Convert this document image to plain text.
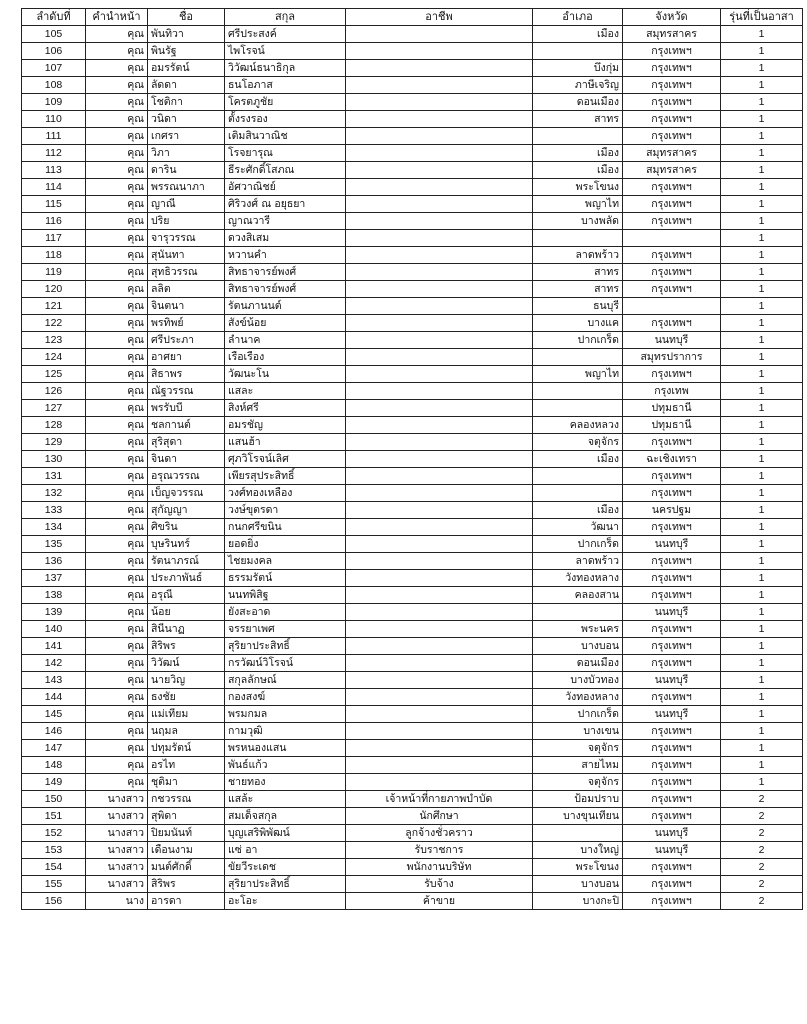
ลำดับที่	คำนำหน้า	ชื่อ	สกุล	อาชีพ	อำเภอ	จังหวัด	รุ่นที่เป็นอาสา
105	คุณ	พันทิวา	ศรีประสงค์		เมือง	สมุทรสาคร	1
106	คุณ	พินรัฐ	ไพโรจน์			กรุงเทพฯ	1
107	คุณ	อมรรัตน์	วิวัฒน์ธนาธิกุล		บึงกุ่ม	กรุงเทพฯ	1
108	คุณ	ลัดดา	ธนโอภาส		ภาษีเจริญ	กรุงเทพฯ	1
109	คุณ	โชติกา	โครตภูชัย		ดอนเมือง	กรุงเทพฯ	1
110	คุณ	วนิดา	ตั้งรงรอง		สาทร	กรุงเทพฯ	1
111	คุณ	เกศรา	เติมสินวาณิช			กรุงเทพฯ	1
112	คุณ	วิภา	โรจยารุณ		เมือง	สมุทรสาคร	1
113	คุณ	ดาริน	ธีระศักดิ์โสภณ		เมือง	สมุทรสาคร	1
114	คุณ	พรรณนาภา	อัศวาณิชย์		พระโขนง	กรุงเทพฯ	1
115	คุณ	ญาณี	ศิริวงศ์ ณ อยุธยา		พญาไท	กรุงเทพฯ	1
116	คุณ	ปริย	ญาณวารี		บางพลัด	กรุงเทพฯ	1
117	คุณ	จารุวรรณ	ดวงสิเสม				1
118	คุณ	สุนันทา	หวานคำ		ลาดพร้าว	กรุงเทพฯ	1
119	คุณ	สุทธิวรรณ	สิทธาจารย์พงศ์		สาทร	กรุงเทพฯ	1
120	คุณ	ลลิต	สิทธาจารย์พงศ์		สาทร	กรุงเทพฯ	1
121	คุณ	จินตนา	รัตนภานนต์		ธนบุรี		1
122	คุณ	พรทิพย์	สังข์น้อย		บางแค	กรุงเทพฯ	1
123	คุณ	ศรีประภา	ลำนาค		ปากเกร็ด	นนทบุรี	1
124	คุณ	อาศยา	เรือเรือง			สมุทรปราการ	1
125	คุณ	สิธาพร	วัฒนะโน		พญาไท	กรุงเทพฯ	1
126	คุณ	ณัฐวรรณ	แสละ			กรุงเทพ	1
127	คุณ	พรรับบี	สิงห์ศรี			ปทุมธานี	1
128	คุณ	ชลกานต์	อมรชัญ		คลองหลวง	ปทุมธานี	1
129	คุณ	สุริสุดา	แสนฮ้า		จตุจักร	กรุงเทพฯ	1
130	คุณ	จินดา	ศุภวิโรจน์เลิศ		เมือง	ฉะเชิงเทรา	1
131	คุณ	อรุณวรรณ	เพียรสุประสิทธิ์			กรุงเทพฯ	1
132	คุณ	เบ็ญจวรรณ	วงศ์ทองเหลือง			กรุงเทพฯ	1
133	คุณ	สุกัญญา	วงษ์ขุตรดา		เมือง	นครปฐม	1
134	คุณ	ศิขริน	กนกศรีขนิน		วัฒนา	กรุงเทพฯ	1
135	คุณ	บุษรินทร์	ยอดยิ่ง		ปากเกร็ด	นนทบุรี	1
136	คุณ	รัตนาภรณ์	ไชยมงคล		ลาดพร้าว	กรุงเทพฯ	1
137	คุณ	ประภาพันธ์	ธรรมรัตน์		วังทองหลาง	กรุงเทพฯ	1
138	คุณ	อรุณี	นนทพิสิฐ		คลองสาน	กรุงเทพฯ	1
139	คุณ	น้อย	ยังสะอาด			นนทบุรี	1
140	คุณ	สินีนาฏ	จรรยาเพศ		พระนคร	กรุงเทพฯ	1
141	คุณ	สิริพร	สุริยาประสิทธิ์		บางบอน	กรุงเทพฯ	1
142	คุณ	วิวัฒน์	กรวัฒน์วิโรจน์		ดอนเมือง	กรุงเทพฯ	1
143	คุณ	นายวิญ	สกุลลักษณ์		บางบัวทอง	นนทบุรี	1
144	คุณ	ธงชัย	กองสงฆ์		วังทองหลาง	กรุงเทพฯ	1
145	คุณ	แม่เทียม	พรมกมล		ปากเกร็ด	นนทบุรี	1
146	คุณ	นฤมล	กามวุฒิ		บางเขน	กรุงเทพฯ	1
147	คุณ	ปทุมรัตน์	พรหนองแสน		จตุจักร	กรุงเทพฯ	1
148	คุณ	อรไท	พันธ์แก้ว		สายไหม	กรุงเทพฯ	1
149	คุณ	ชุติมา	ชายทอง		จตุจักร	กรุงเทพฯ	1
150	นางสาว	กชวรรณ	แสล้ะ	เจ้าหน้าที่กายภาพบำบัด	ป้อมปราบ	กรุงเทพฯ	2
151	นางสาว	สุพิดา	สมเด็จสกุล	นักศึกษา	บางขุนเทียน	กรุงเทพฯ	2
152	นางสาว	ปิยมนันท์	บุญเสริพิพัฒน์	ลูกจ้างชั่วคราว		นนทบุรี	2
153	นางสาว	เดือนงาม	แซ่ อา	รับราชการ	บางใหญ่	นนทบุรี	2
154	นางสาว	มนต์ศักดิ์	ขัยวีระเดช	พนักงานบริษัท	พระโขนง	กรุงเทพฯ	2
155	นางสาว	สิริพร	สุริยาประสิทธิ์	รับจ้าง	บางบอน	กรุงเทพฯ	2
156	นาง	อารดา	อะโอะ	ค้าขาย	บางกะปิ	กรุงเทพฯ	2
